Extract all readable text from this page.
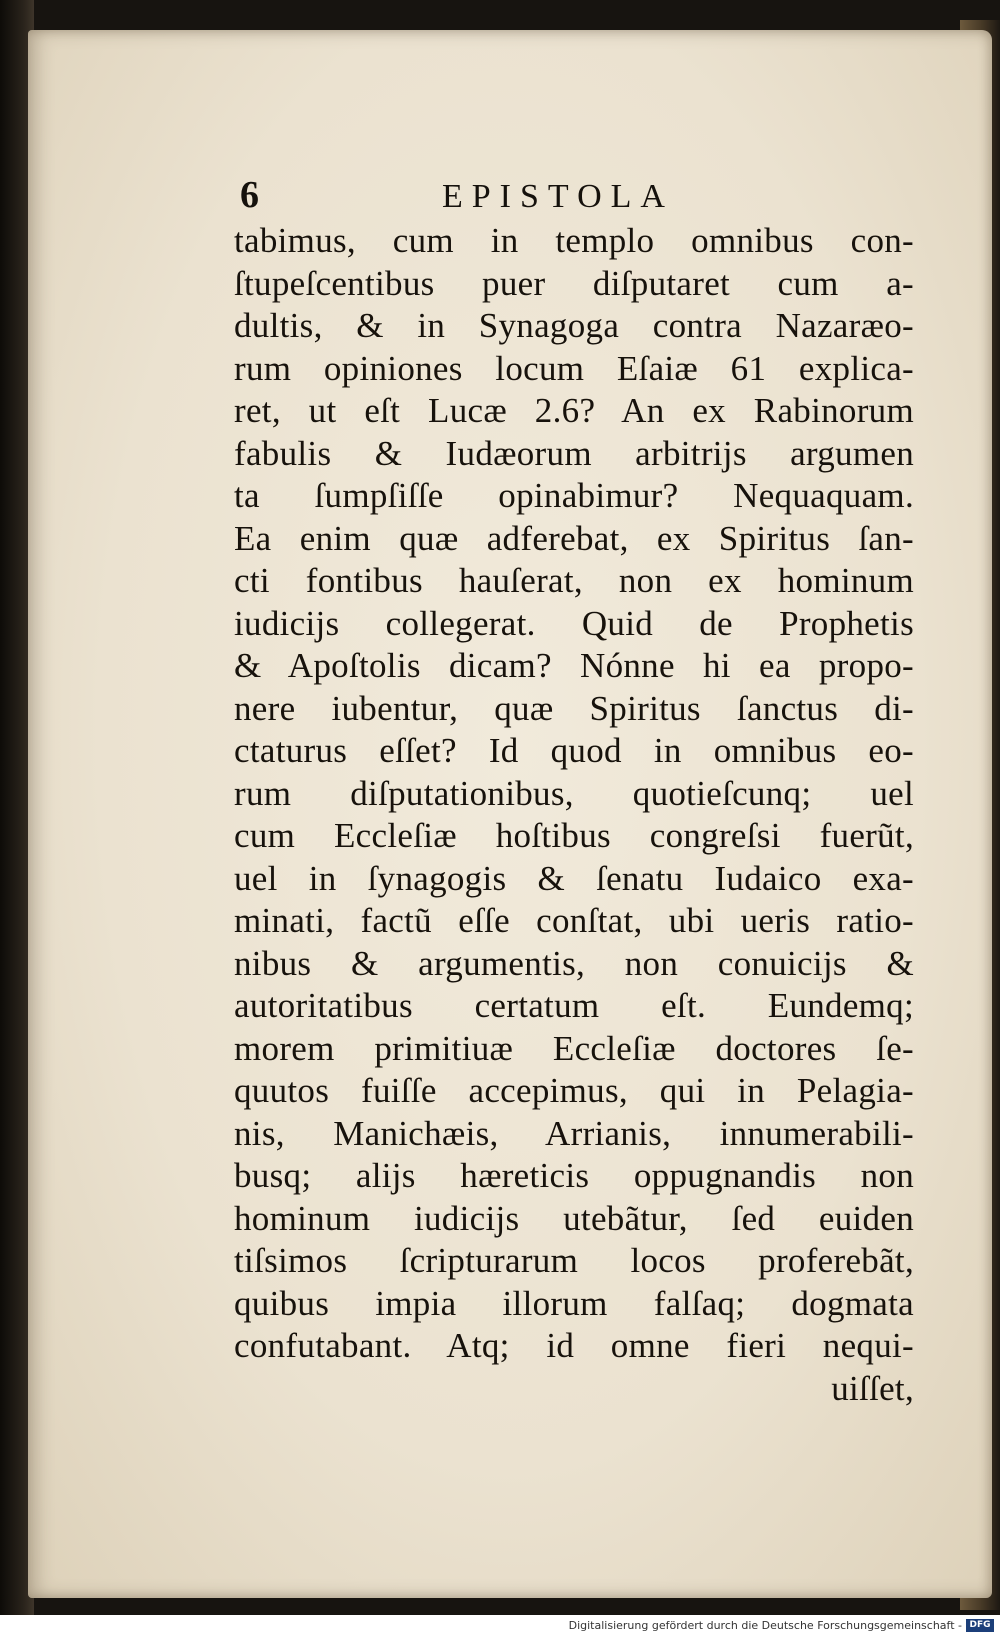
6	EPISTOLA
tabimus, cum in templo omnibus con-
ſtupeſcentibus puer diſputaret cum a-
dultis, & in Synagoga contra Nazaræo-
rum opiniones locum Eſaiæ 61 explica-
ret, ut eſt Lucæ 2.6? An ex Rabinorum
fabulis & Iudæorum arbitrijs argumen
ta ſumpſiſſe opinabimur? Nequaquam.
Ea enim quæ adferebat, ex Spiritus ſan-
cti fontibus hauſerat, non ex hominum
iudicijs collegerat. Quid de Prophetis
& Apoſtolis dicam? Nónne hi ea propo-
nere iubentur, quæ Spiritus ſanctus di-
ctaturus eſſet? Id quod in omnibus eo-
rum diſputationibus, quotieſcunq; uel
cum Eccleſiæ hoſtibus congreſsi fuerũt,
uel in ſynagogis & ſenatu Iudaico exa-
minati, factũ eſſe conſtat, ubi ueris ratio-
nibus & argumentis, non conuicijs &
autoritatibus certatum eſt. Eundemq;
morem primitiuæ Eccleſiæ doctores ſe-
quutos fuiſſe accepimus, qui in Pelagia-
nis, Manichæis, Arrianis, innumerabili-
busq; alijs hæreticis oppugnandis non
hominum iudicijs utebãtur, ſed euiden
tiſsimos ſcripturarum locos proferebãt,
quibus impia illorum falſaq; dogmata
confutabant. Atq; id omne fieri nequi-
uiſſet,
Digitalisierung gefördert durch die Deutsche Forschungsgemeinschaft - DFG
